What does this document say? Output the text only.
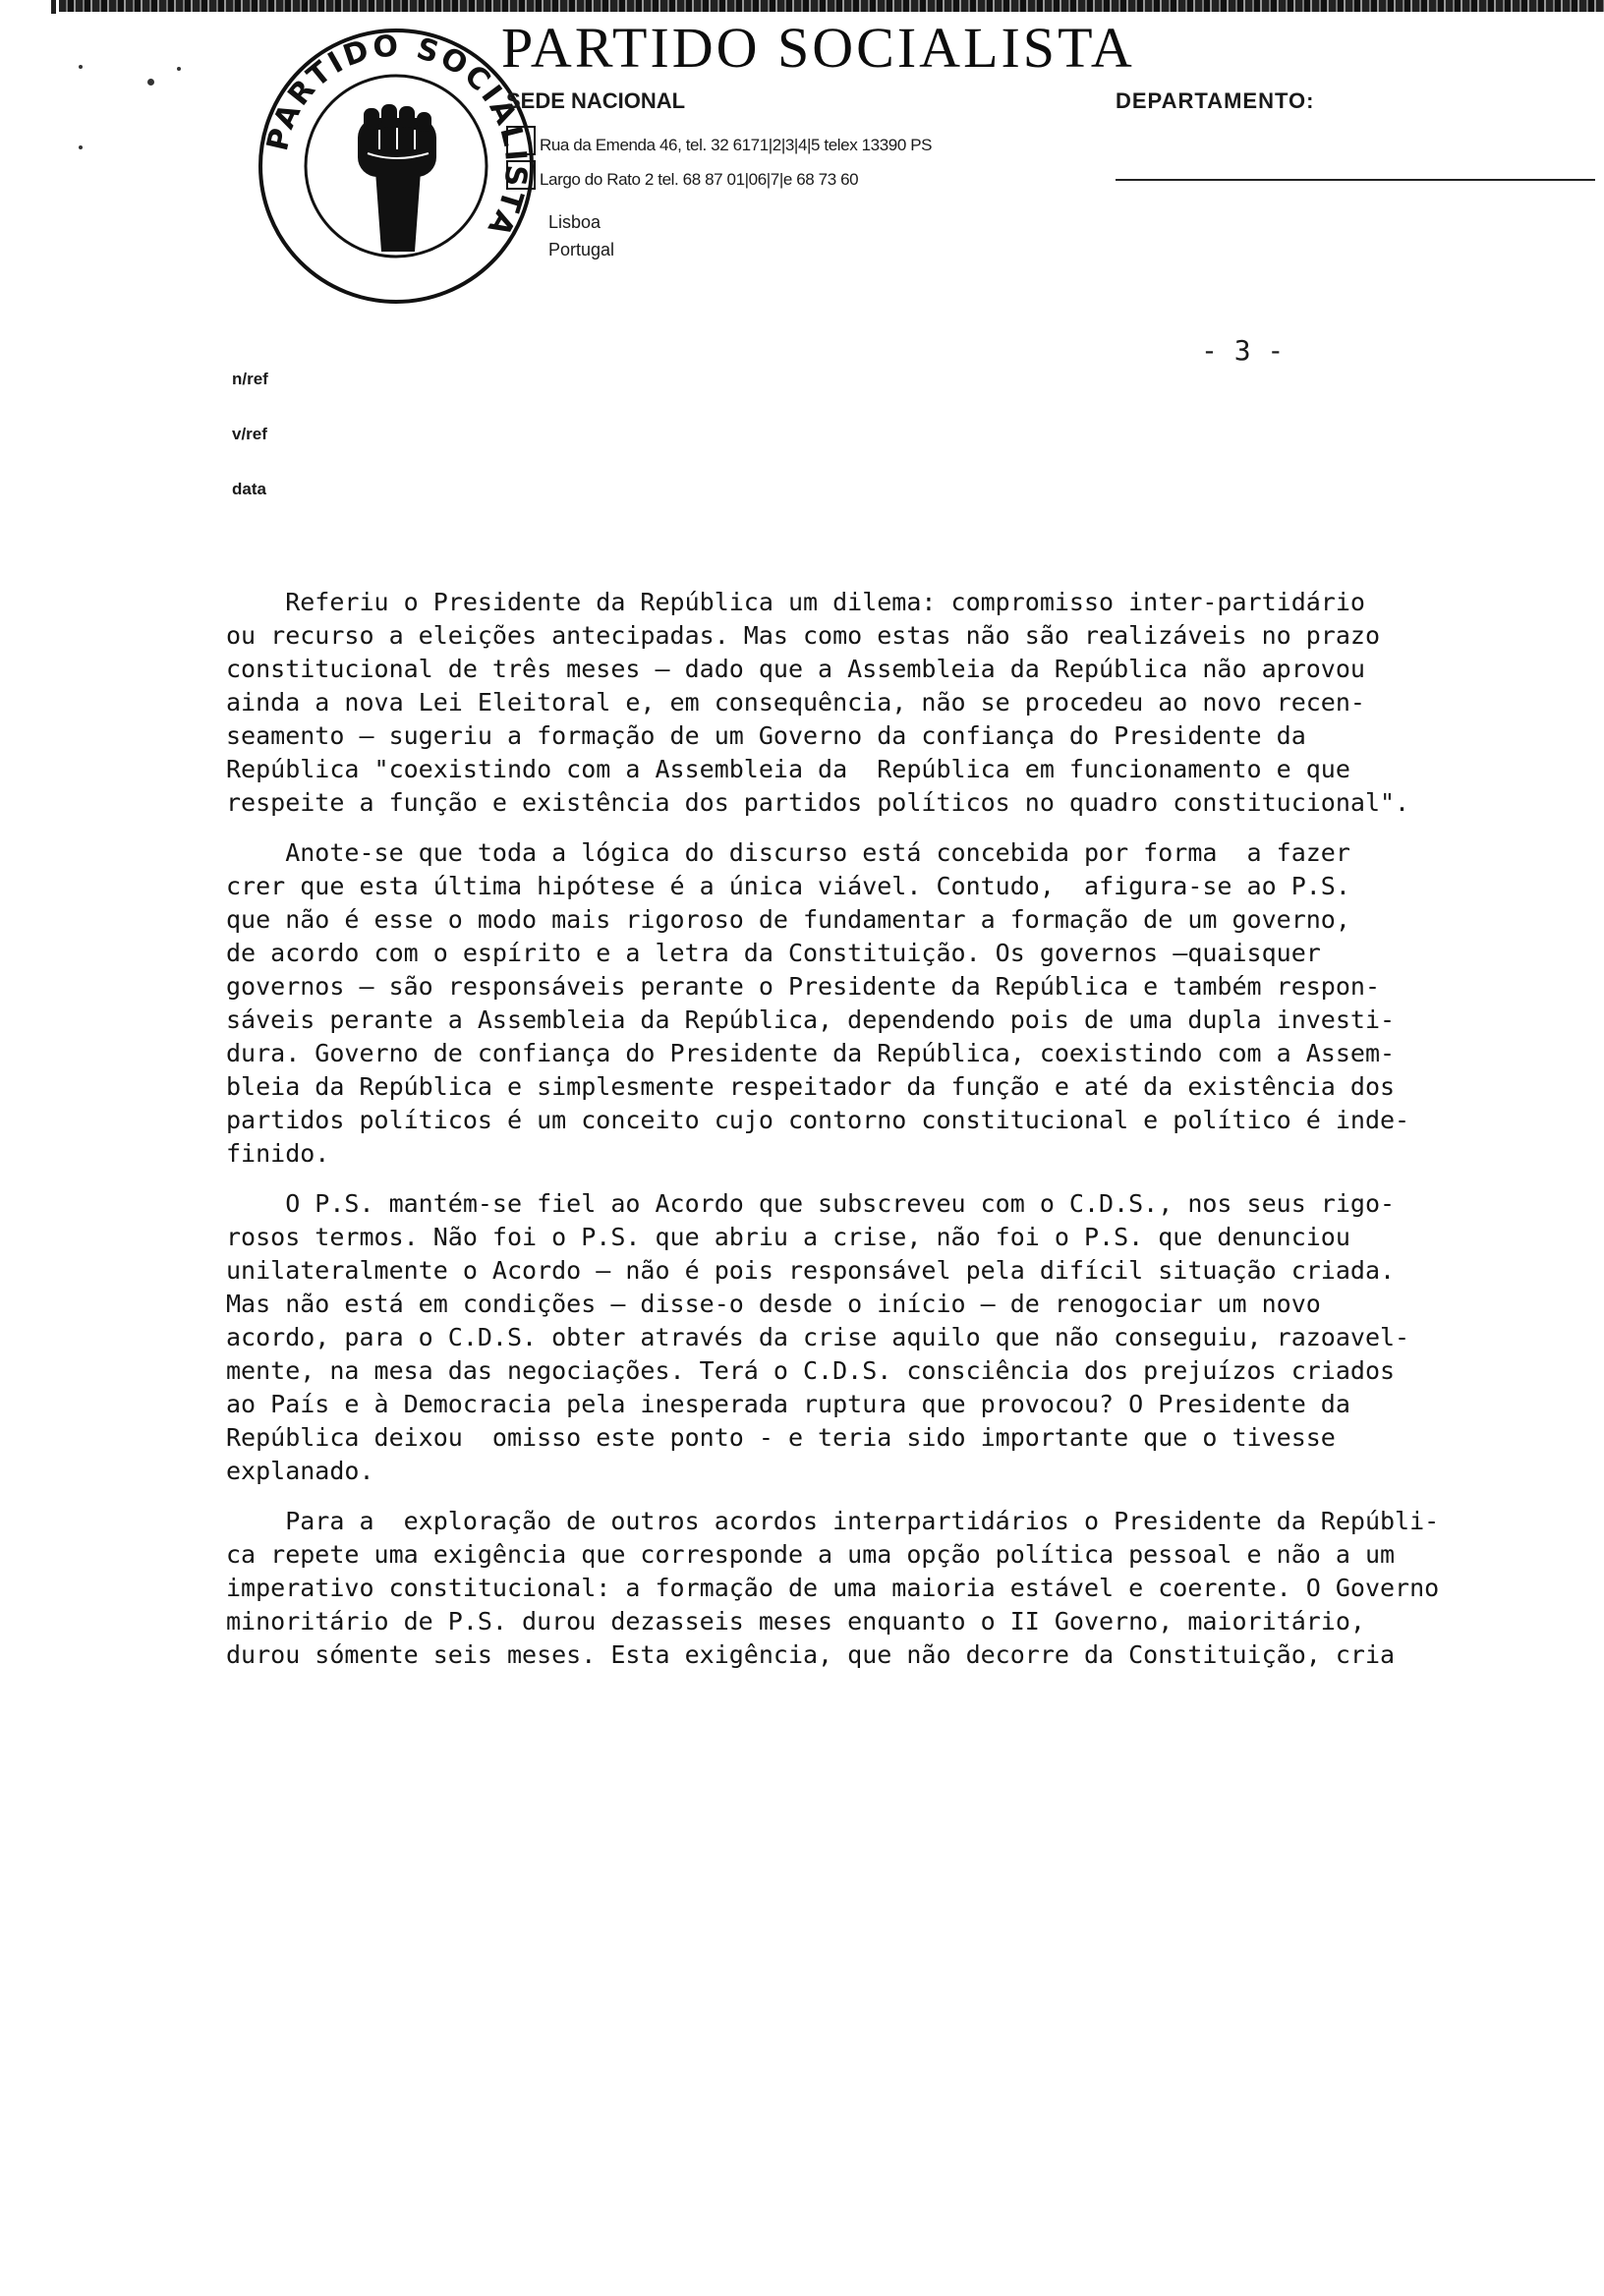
PARTIDO SOCIALISTA
PARTIDO SOCIALISTA
SEDE NACIONAL	DEPARTAMENTO:
Rua da Emenda 46, tel. 32 6171|2|3|4|5 telex 13390 PS
Largo do Rato 2 tel. 68 87 01|06|7|e 68 73 60
Lisboa
Portugal
- 3 -
n/ref
v/ref
data

Referiu o Presidente da República um dilema: compromisso inter-partidário
ou recurso a eleições antecipadas. Mas como estas não são realizáveis no prazo
constitucional de três meses — dado que a Assembleia da República não aprovou
ainda a nova Lei Eleitoral e, em consequência, não se procedeu ao novo recen-
seamento — sugeriu a formação de um Governo da confiança do Presidente da
República "coexistindo com a Assembleia da  República em funcionamento e que
respeite a função e existência dos partidos políticos no quadro constitucional".

Anote-se que toda a lógica do discurso está concebida por forma  a fazer
crer que esta última hipótese é a única viável. Contudo,  afigura-se ao P.S.
que não é esse o modo mais rigoroso de fundamentar a formação de um governo,
de acordo com o espírito e a letra da Constituição. Os governos —quaisquer
governos — são responsáveis perante o Presidente da República e também respon-
sáveis perante a Assembleia da República, dependendo pois de uma dupla investi-
dura. Governo de confiança do Presidente da República, coexistindo com a Assem-
bleia da República e simplesmente respeitador da função e até da existência dos
partidos políticos é um conceito cujo contorno constitucional e político é inde-
finido.

O P.S. mantém-se fiel ao Acordo que subscreveu com o C.D.S., nos seus rigo-
rosos termos. Não foi o P.S. que abriu a crise, não foi o P.S. que denunciou
unilateralmente o Acordo — não é pois responsável pela difícil situação criada.
Mas não está em condições — disse-o desde o início — de renogociar um novo
acordo, para o C.D.S. obter através da crise aquilo que não conseguiu, razoavel-
mente, na mesa das negociações. Terá o C.D.S. consciência dos prejuízos criados
ao País e à Democracia pela inesperada ruptura que provocou? O Presidente da
República deixou  omisso este ponto - e teria sido importante que o tivesse
explanado.

Para a  exploração de outros acordos interpartidários o Presidente da Repúbli-
ca repete uma exigência que corresponde a uma opção política pessoal e não a um
imperativo constitucional: a formação de uma maioria estável e coerente. O Governo
minoritário de P.S. durou dezasseis meses enquanto o II Governo, maioritário,
durou sómente seis meses. Esta exigência, que não decorre da Constituição, cria
